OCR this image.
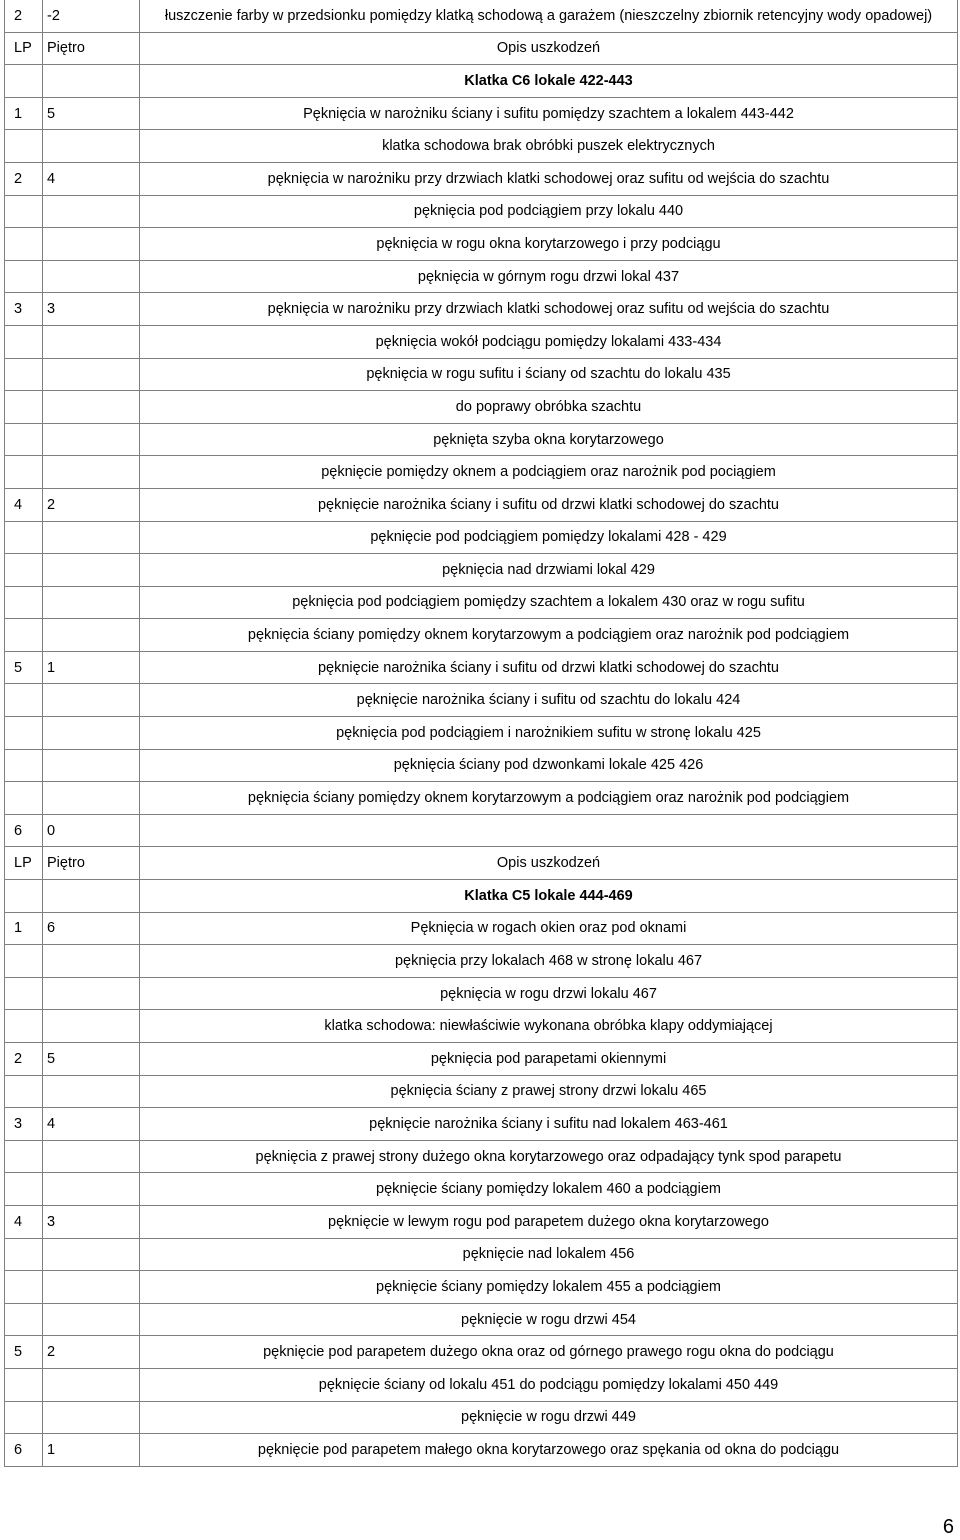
2	-2	łuszczenie farby w przedsionku pomiędzy klatką schodową a garażem (nieszczelny zbiornik retencyjny wody opadowej)
LP	Piętro	Opis uszkodzeń
		Klatka C6 lokale 422-443
1	5	Pęknięcia w narożniku ściany i sufitu pomiędzy szachtem a lokalem 443-442
		klatka schodowa brak obróbki puszek elektrycznych
2	4	pęknięcia w narożniku przy drzwiach klatki schodowej oraz sufitu od wejścia do szachtu
		pęknięcia pod podciągiem przy lokalu 440
		pęknięcia w rogu okna korytarzowego i przy podciągu
		pęknięcia w górnym rogu drzwi lokal 437
3	3	pęknięcia w narożniku przy drzwiach klatki schodowej oraz sufitu od wejścia do szachtu
		pęknięcia wokół podciągu pomiędzy lokalami 433-434
		pęknięcia w rogu sufitu i ściany od szachtu do lokalu 435
		do poprawy obróbka szachtu
		pęknięta szyba okna korytarzowego
		pęknięcie pomiędzy oknem a podciągiem oraz narożnik pod pociągiem
4	2	pęknięcie narożnika ściany i sufitu od drzwi klatki schodowej do szachtu
		pęknięcie pod podciągiem pomiędzy lokalami 428 - 429
		pęknięcia nad drzwiami lokal 429
		pęknięcia pod podciągiem pomiędzy szachtem a lokalem 430 oraz w rogu sufitu
		pęknięcia ściany pomiędzy oknem korytarzowym a podciągiem oraz narożnik pod podciągiem
5	1	pęknięcie narożnika ściany i sufitu od drzwi klatki schodowej do szachtu
		pęknięcie narożnika ściany i sufitu od szachtu do lokalu 424
		pęknięcia pod podciągiem i narożnikiem sufitu w stronę lokalu 425
		pęknięcia ściany pod dzwonkami lokale 425 426
		pęknięcia ściany pomiędzy oknem korytarzowym a podciągiem oraz narożnik pod podciągiem
6	0	
LP	Piętro	Opis uszkodzeń
		Klatka C5 lokale 444-469
1	6	Pęknięcia w rogach okien oraz pod oknami
		pęknięcia przy lokalach 468 w stronę lokalu 467
		pęknięcia w rogu drzwi lokalu 467
		klatka schodowa: niewłaściwie wykonana obróbka klapy oddymiającej
2	5	pęknięcia pod parapetami okiennymi
		pęknięcia ściany z prawej strony drzwi lokalu 465
3	4	pęknięcie narożnika ściany i sufitu nad lokalem 463-461
		pęknięcia z prawej strony dużego okna korytarzowego oraz odpadający tynk spod parapetu
		pęknięcie ściany pomiędzy lokalem 460 a podciągiem
4	3	pęknięcie w lewym rogu pod parapetem dużego okna korytarzowego
		pęknięcie nad lokalem 456
		pęknięcie ściany pomiędzy lokalem 455 a podciągiem
		pęknięcie w rogu drzwi 454
5	2	pęknięcie pod parapetem dużego okna oraz od górnego prawego rogu okna do podciągu
		pęknięcie ściany od lokalu 451 do podciągu pomiędzy lokalami 450 449
		pęknięcie w rogu drzwi 449
6	1	pęknięcie pod parapetem małego okna korytarzowego oraz spękania od okna do podciągu
6
